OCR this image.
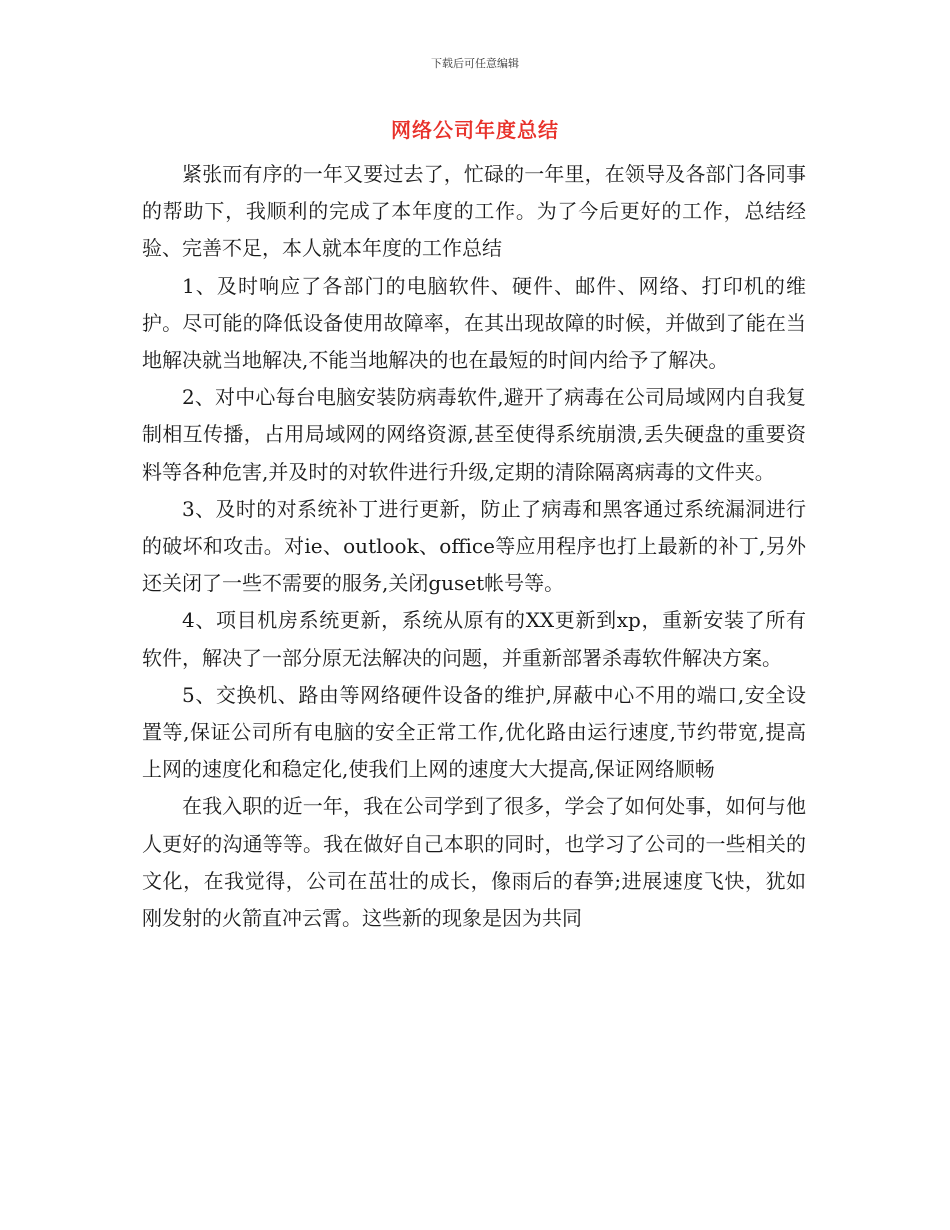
下载后可任意编辑
网络公司年度总结

紧张而有序的一年又要过去了，忙碌的一年里，在领导及各部门各同事的帮助下，我顺利的完成了本年度的工作。为了今后更好的工作，总结经验、完善不足，本人就本年度的工作总结

1、及时响应了各部门的电脑软件、硬件、邮件、网络、打印机的维护。尽可能的降低设备使用故障率，在其出现故障的时候，并做到了能在当地解决就当地解决,不能当地解决的也在最短的时间内给予了解决。

2、对中心每台电脑安装防病毒软件,避开了病毒在公司局域网内自我复制相互传播，占用局域网的网络资源,甚至使得系统崩溃,丢失硬盘的重要资料等各种危害,并及时的对软件进行升级,定期的清除隔离病毒的文件夹。

3、及时的对系统补丁进行更新，防止了病毒和黑客通过系统漏洞进行的破坏和攻击。对ie、outlook、office等应用程序也打上最新的补丁,另外还关闭了一些不需要的服务,关闭guset帐号等。

4、项目机房系统更新，系统从原有的XX更新到xp，重新安装了所有软件，解决了一部分原无法解决的问题，并重新部署杀毒软件解决方案。

5、交换机、路由等网络硬件设备的维护,屏蔽中心不用的端口,安全设置等,保证公司所有电脑的安全正常工作,优化路由运行速度,节约带宽,提高上网的速度化和稳定化,使我们上网的速度大大提高,保证网络顺畅

在我入职的近一年，我在公司学到了很多，学会了如何处事，如何与他人更好的沟通等等。我在做好自己本职的同时，也学习了公司的一些相关的文化，在我觉得，公司在茁壮的成长，像雨后的春笋;进展速度飞快，犹如刚发射的火箭直冲云霄。这些新的现象是因为共同
